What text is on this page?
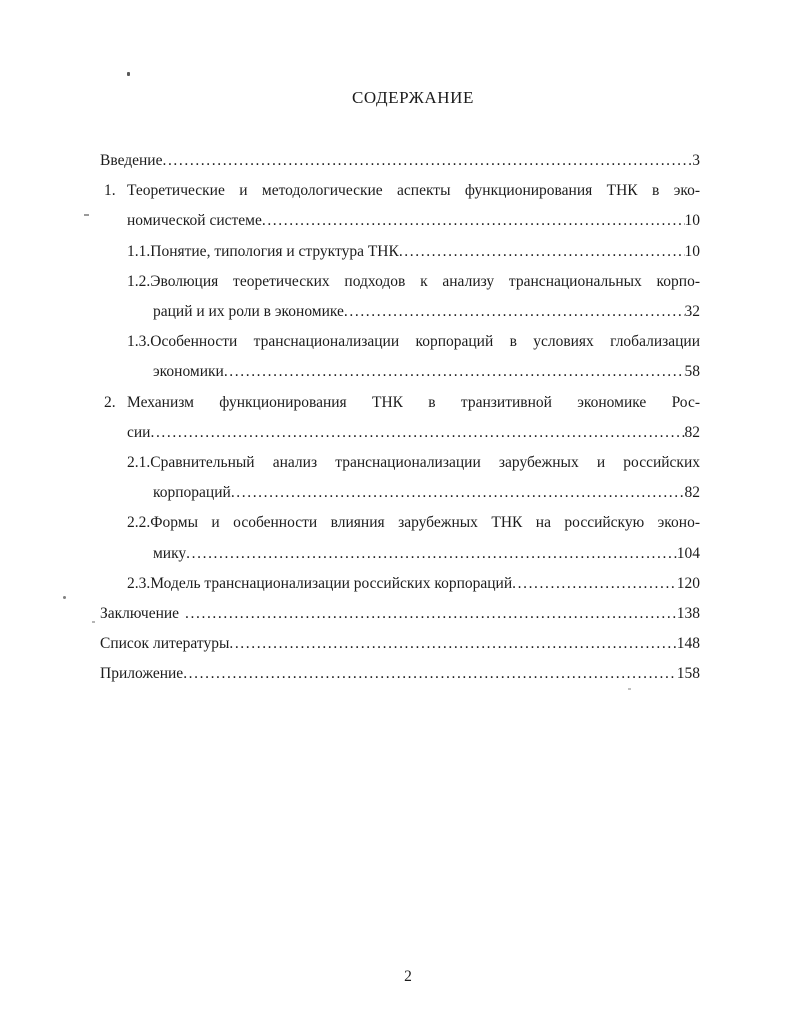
СОДЕРЖАНИЕ
Введение .....	3
1. Теоретические и методологические аспекты функционирования ТНК в эко-
номической системе .....	10
1.1.Понятие, типология и структура ТНК .....	10
1.2.Эволюция теоретических подходов к анализу транснациональных корпо-
раций и их роли в экономике .....	32
1.3.Особенности транснационализации корпораций в условиях глобализации
экономики .....	58
2. Механизм функционирования ТНК в транзитивной экономике Рос-
сии .....	82
2.1.Сравнительный анализ транснационализации зарубежных и российских
корпораций .....	82
2.2.Формы и особенности влияния зарубежных ТНК на российскую эконо-
мику .....	104
2.3.Модель транснационализации российских корпораций .....	120
Заключение .....	138
Список литературы .....	148
Приложение .....	158
2
